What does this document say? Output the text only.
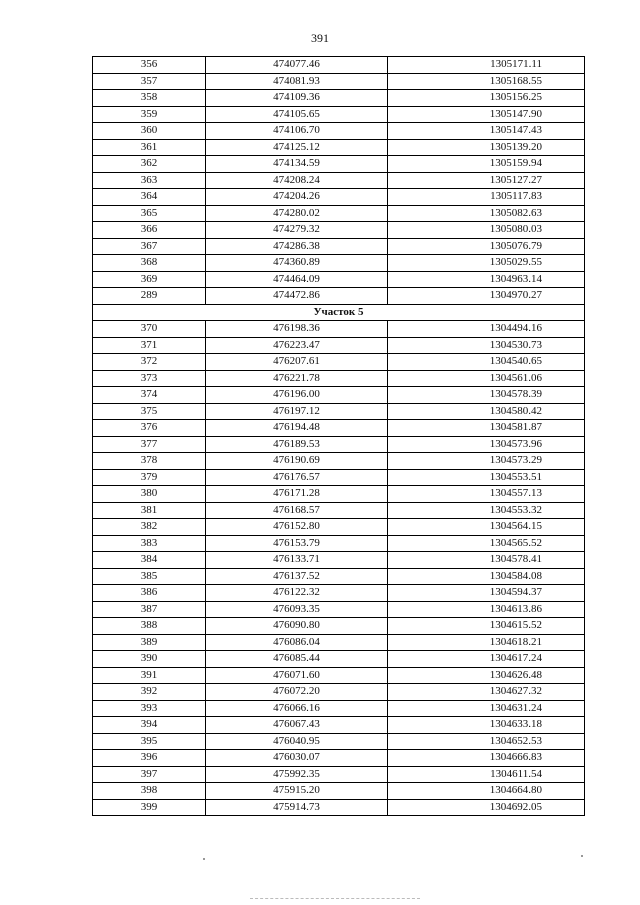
391
356	474077.46	1305171.11
357	474081.93	1305168.55
358	474109.36	1305156.25
359	474105.65	1305147.90
360	474106.70	1305147.43
361	474125.12	1305139.20
362	474134.59	1305159.94
363	474208.24	1305127.27
364	474204.26	1305117.83
365	474280.02	1305082.63
366	474279.32	1305080.03
367	474286.38	1305076.79
368	474360.89	1305029.55
369	474464.09	1304963.14
289	474472.86	1304970.27
Участок 5		
370	476198.36	1304494.16
371	476223.47	1304530.73
372	476207.61	1304540.65
373	476221.78	1304561.06
374	476196.00	1304578.39
375	476197.12	1304580.42
376	476194.48	1304581.87
377	476189.53	1304573.96
378	476190.69	1304573.29
379	476176.57	1304553.51
380	476171.28	1304557.13
381	476168.57	1304553.32
382	476152.80	1304564.15
383	476153.79	1304565.52
384	476133.71	1304578.41
385	476137.52	1304584.08
386	476122.32	1304594.37
387	476093.35	1304613.86
388	476090.80	1304615.52
389	476086.04	1304618.21
390	476085.44	1304617.24
391	476071.60	1304626.48
392	476072.20	1304627.32
393	476066.16	1304631.24
394	476067.43	1304633.18
395	476040.95	1304652.53
396	476030.07	1304666.83
397	475992.35	1304611.54
398	475915.20	1304664.80
399	475914.73	1304692.05
